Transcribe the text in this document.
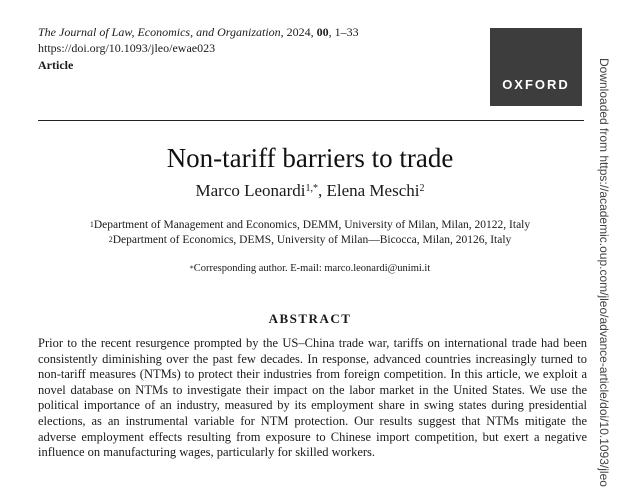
The Journal of Law, Economics, and Organization, 2024, 00, 1–33
https://doi.org/10.1093/jleo/ewae023
Article
OXFORD Downloaded from https://academic.oup.com/jleo/advance-article/doi/10.1093/jleo
Non-tariff barriers to trade
Marco Leonardi$^{1,*}$, Elena Meschi$^2$
$^1$Department of Management and Economics, DEMM, University of Milan, Milan, 20122, Italy
$^2$Department of Economics, DEMS, University of Milan—Bicocca, Milan, 20126, Italy
*Corresponding author. E-mail: marco.leonardi@unimi.it
ABSTRACT
Prior to the recent resurgence prompted by the US–China trade war, tariffs on international trade had been consistently diminishing over the past few decades. In response, advanced countries increasingly turned to non-tariff measures (NTMs) to protect their industries from foreign competition. In this article, we exploit a novel database on NTMs to investigate their impact on the labor market in the United States. We use the political importance of an industry, measured by its employment share in swing states during presidential elections, as an instrumental variable for NTM protection. Our results suggest that NTMs mitigate the adverse employment effects resulting from exposure to Chinese import competition, but exert a negative influence on manufacturing wages, particularly for skilled workers.
